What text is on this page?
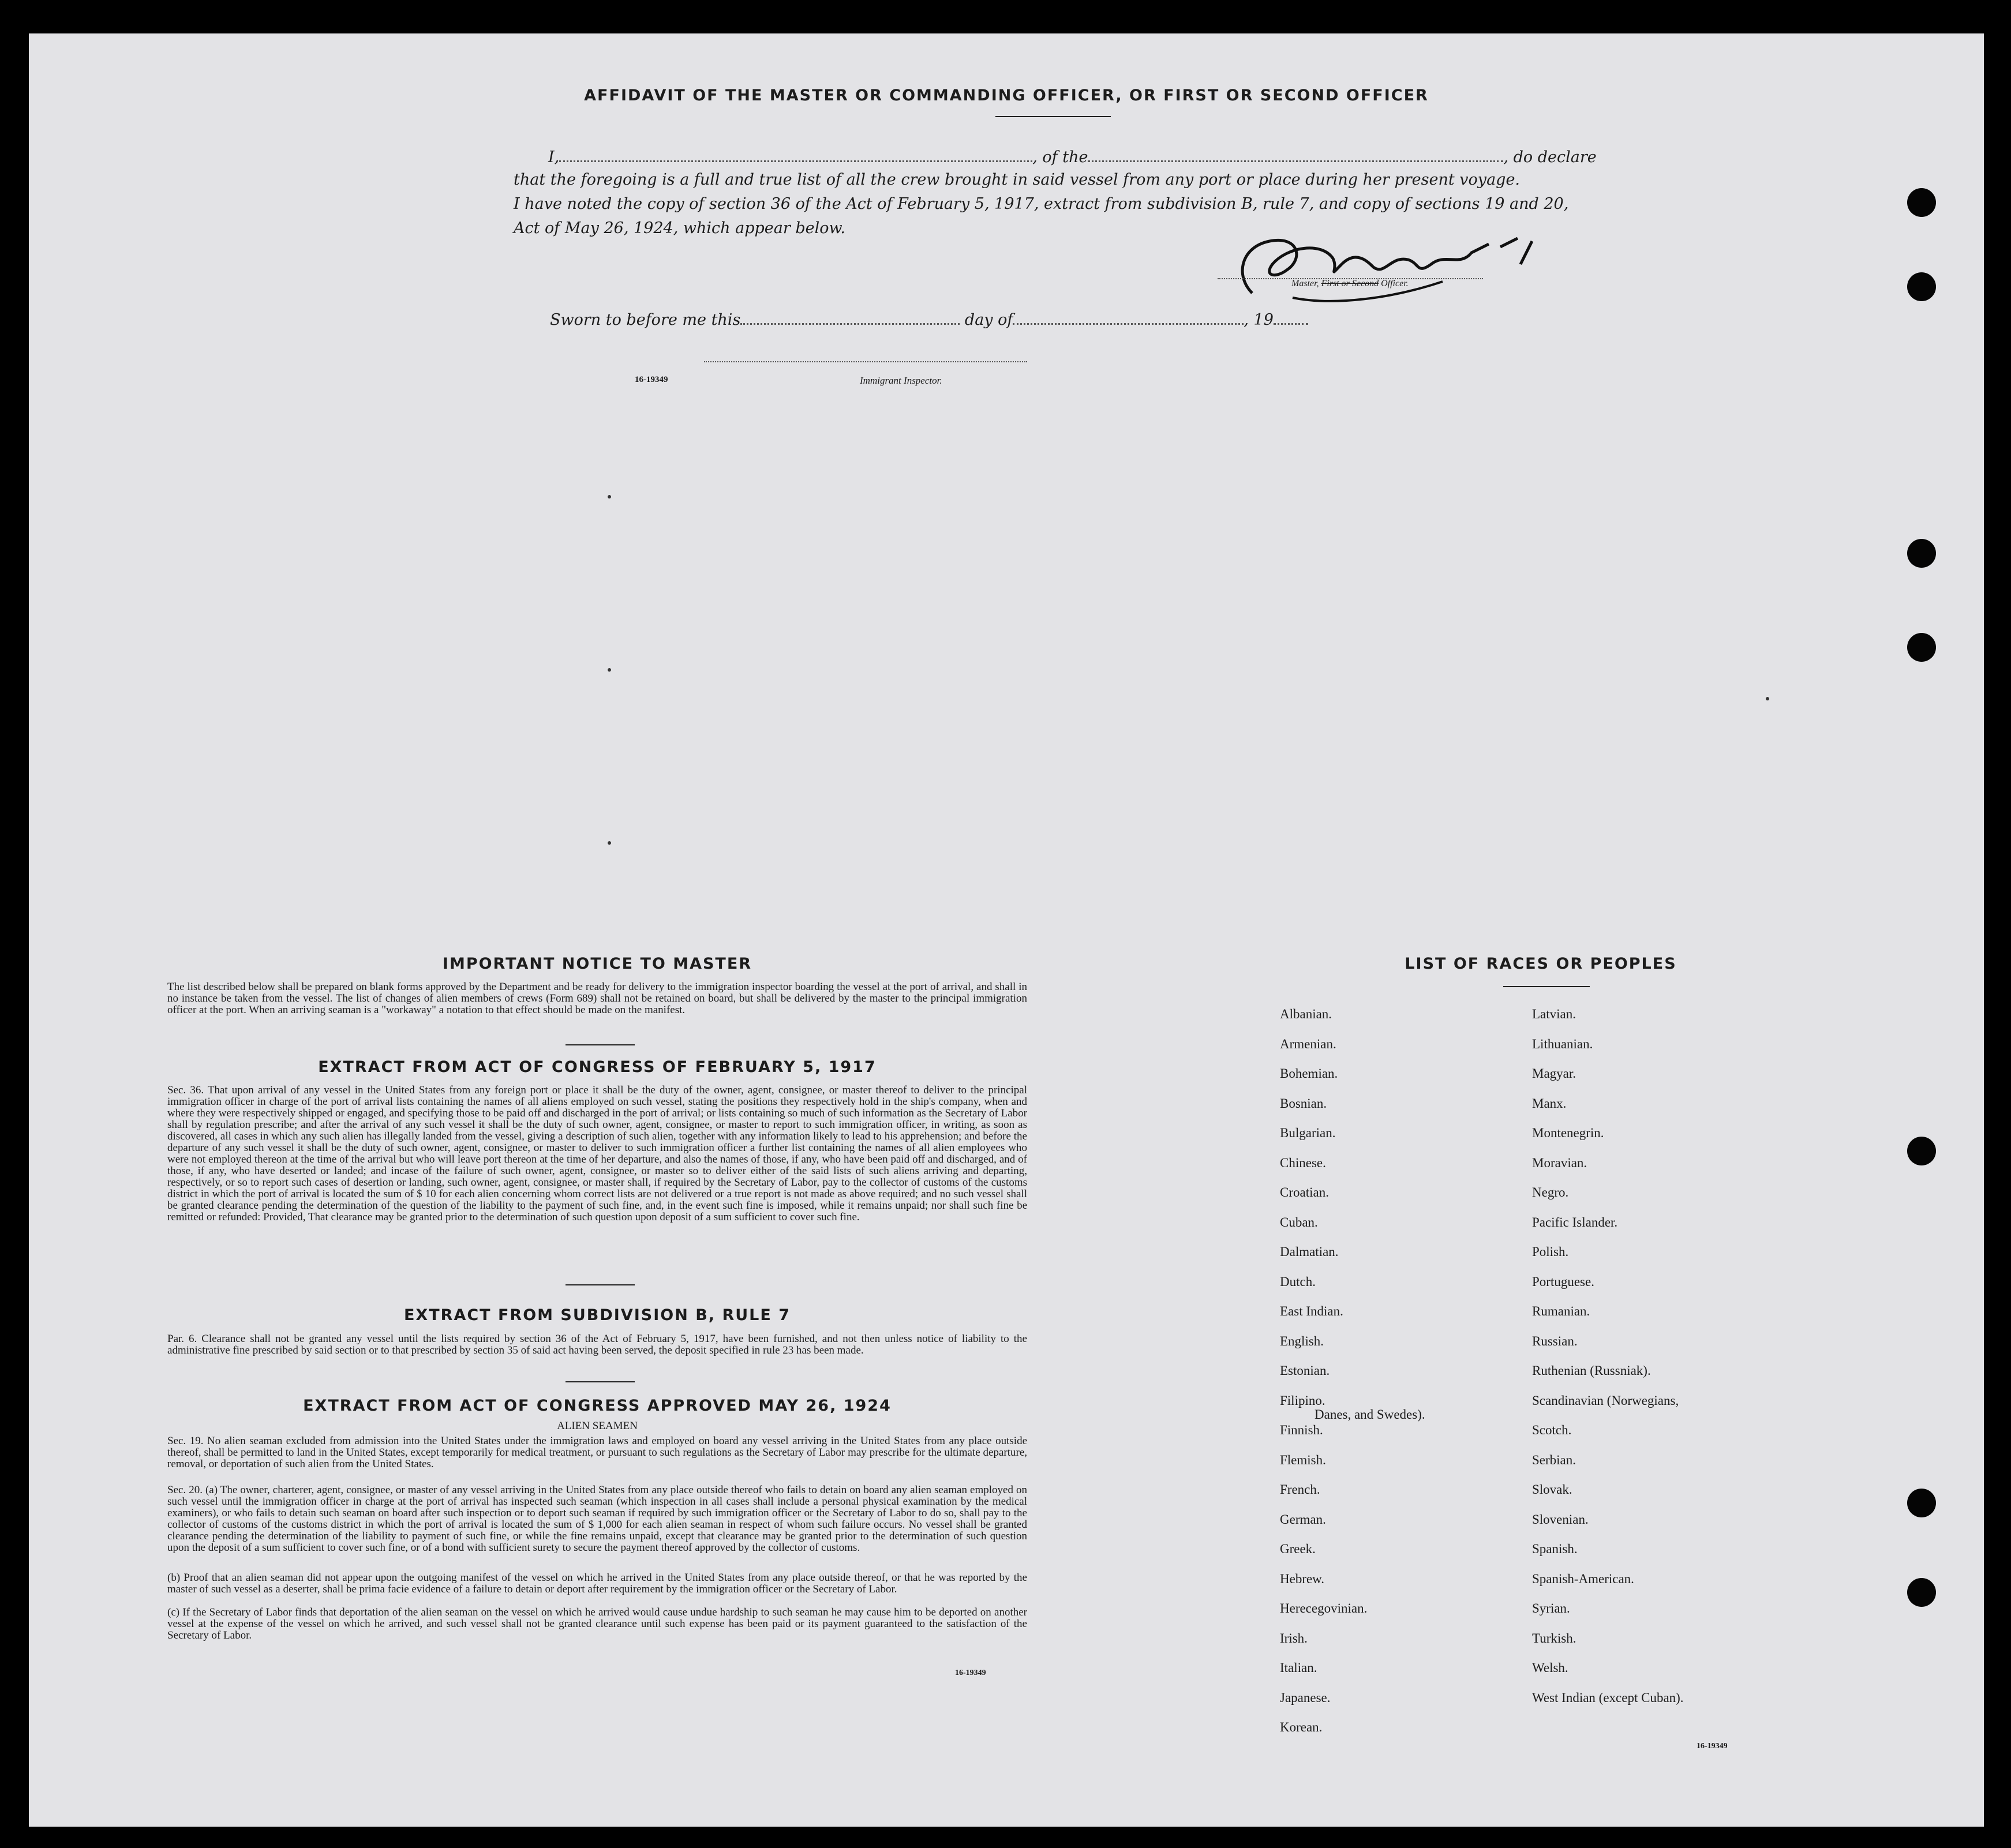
AFFIDAVIT OF THE MASTER OR COMMANDING OFFICER, OR FIRST OR SECOND OFFICER
I,	, of the	, do declare
that the foregoing is a full and true list of all the crew brought in said vessel from any port or place during her present voyage.
I have noted the copy of section 36 of the Act of February 5, 1917, extract from subdivision B, rule 7, and copy of sections 19 and 20,
Act of May 26, 1924, which appear below.
Master, First or Second Officer.
Sworn to before me this	day of	, 19
16-19349	Immigrant Inspector.
IMPORTANT NOTICE TO MASTER

The list described below shall be prepared on blank forms approved by the Department and be ready for delivery to the immigration inspector boarding the vessel at the port of arrival, and shall in no instance be taken from the vessel. The list of changes of alien members of crews (Form 689) shall not be retained on board, but shall be delivered by the master to the principal immigration officer at the port. When an arriving seaman is a "workaway" a notation to that effect should be made on the manifest.

EXTRACT FROM ACT OF CONGRESS OF FEBRUARY 5, 1917

Sec. 36. That upon arrival of any vessel in the United States from any foreign port or place it shall be the duty of the owner, agent, consignee, or master thereof to deliver to the principal immigration officer in charge of the port of arrival lists containing the names of all aliens employed on such vessel, stating the positions they respectively hold in the ship's company, when and where they were respectively shipped or engaged, and specifying those to be paid off and discharged in the port of arrival; or lists containing so much of such information as the Secretary of Labor shall by regulation prescribe; and after the arrival of any such vessel it shall be the duty of such owner, agent, consignee, or master to report to such immigration officer, in writing, as soon as discovered, all cases in which any such alien has illegally landed from the vessel, giving a description of such alien, together with any information likely to lead to his apprehension; and before the departure of any such vessel it shall be the duty of such owner, agent, consignee, or master to deliver to such immigration officer a further list containing the names of all alien employees who were not employed thereon at the time of the arrival but who will leave port thereon at the time of her departure, and also the names of those, if any, who have been paid off and discharged, and of those, if any, who have deserted or landed; and incase of the failure of such owner, agent, consignee, or master so to deliver either of the said lists of such aliens arriving and departing, respectively, or so to report such cases of desertion or landing, such owner, agent, consignee, or master shall, if required by the Secretary of Labor, pay to the collector of customs of the customs district in which the port of arrival is located the sum of $ 10 for each alien concerning whom correct lists are not delivered or a true report is not made as above required; and no such vessel shall be granted clearance pending the determination of the question of the liability to the payment of such fine, and, in the event such fine is imposed, while it remains unpaid; nor shall such fine be remitted or refunded: Provided, That clearance may be granted prior to the determination of such question upon deposit of a sum sufficient to cover such fine.

EXTRACT FROM SUBDIVISION B, RULE 7

Par. 6. Clearance shall not be granted any vessel until the lists required by section 36 of the Act of February 5, 1917, have been furnished, and not then unless notice of liability to the administrative fine prescribed by said section or to that prescribed by section 35 of said act having been served, the deposit specified in rule 23 has been made.

EXTRACT FROM ACT OF CONGRESS APPROVED MAY 26, 1924
ALIEN SEAMEN

Sec. 19. No alien seaman excluded from admission into the United States under the immigration laws and employed on board any vessel arriving in the United States from any place outside thereof, shall be permitted to land in the United States, except temporarily for medical treatment, or pursuant to such regulations as the Secretary of Labor may prescribe for the ultimate departure, removal, or deportation of such alien from the United States.

Sec. 20. (a) The owner, charterer, agent, consignee, or master of any vessel arriving in the United States from any place outside thereof who fails to detain on board any alien seaman employed on such vessel until the immigration officer in charge at the port of arrival has inspected such seaman (which inspection in all cases shall include a personal physical examination by the medical examiners), or who fails to detain such seaman on board after such inspection or to deport such seaman if required by such immigration officer or the Secretary of Labor to do so, shall pay to the collector of customs of the customs district in which the port of arrival is located the sum of $ 1,000 for each alien seaman in respect of whom such failure occurs. No vessel shall be granted clearance pending the determination of the liability to payment of such fine, or while the fine remains unpaid, except that clearance may be granted prior to the determination of such question upon the deposit of a sum sufficient to cover such fine, or of a bond with sufficient surety to secure the payment thereof approved by the collector of customs.

(b) Proof that an alien seaman did not appear upon the outgoing manifest of the vessel on which he arrived in the United States from any place outside thereof, or that he was reported by the master of such vessel as a deserter, shall be prima facie evidence of a failure to detain or deport after requirement by the immigration officer or the Secretary of Labor.

(c) If the Secretary of Labor finds that deportation of the alien seaman on the vessel on which he arrived would cause undue hardship to such seaman he may cause him to be deported on another vessel at the expense of the vessel on which he arrived, and such vessel shall not be granted clearance until such expense has been paid or its payment guaranteed to the satisfaction of the Secretary of Labor.

16-19349
LIST OF RACES OR PEOPLES
Albanian.
Armenian.
Bohemian.
Bosnian.
Bulgarian.
Chinese.
Croatian.
Cuban.
Dalmatian.
Dutch.
East Indian.
English.
Estonian.
Filipino.
Finnish.
Flemish.
French.
German.
Greek.
Hebrew.
Herecegovinian.
Irish.
Italian.
Japanese.
Korean.
Latvian.
Lithuanian.
Magyar.
Manx.
Montenegrin.
Moravian.
Negro.
Pacific Islander.
Polish.
Portuguese.
Rumanian.
Russian.
Ruthenian (Russniak).
Scandinavian (Norwegians,
Danes, and Swedes).
Scotch.
Serbian.
Slovak.
Slovenian.
Spanish.
Spanish-American.
Syrian.
Turkish.
Welsh.
West Indian (except Cuban).
16-19349
